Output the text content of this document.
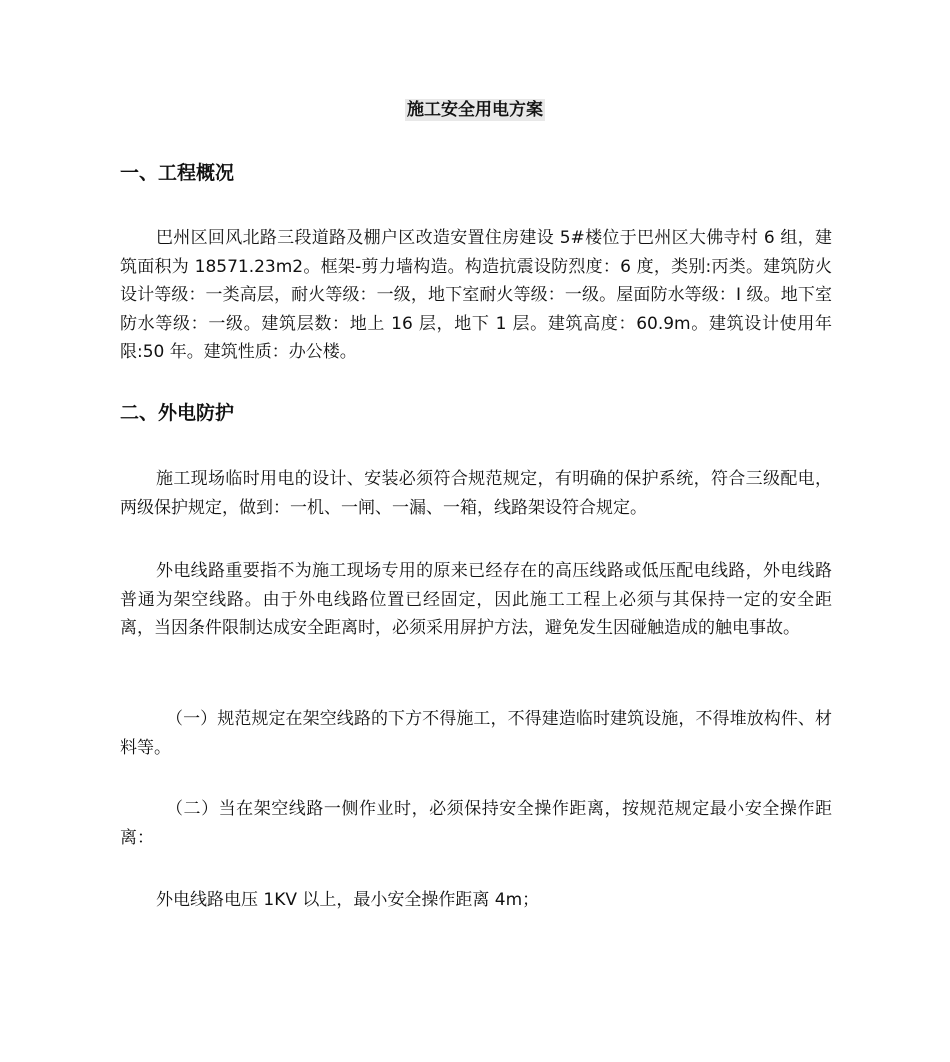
施工安全用电方案
一、工程概况

巴州区回风北路三段道路及棚户区改造安置住房建设 5#楼位于巴州区大佛寺村 6 组，建筑面积为 18571.23m2。框架-剪力墙构造。构造抗震设防烈度：6 度，类别:丙类。建筑防火设计等级：一类高层，耐火等级：一级，地下室耐火等级：一级。屋面防水等级：I 级。地下室防水等级：一级。建筑层数：地上 16 层，地下 1 层。建筑高度：60.9m。建筑设计使用年限:50 年。建筑性质：办公楼。

二、外电防护

施工现场临时用电的设计、安装必须符合规范规定，有明确的保护系统，符合三级配电，两级保护规定，做到：一机、一闸、一漏、一箱，线路架设符合规定。

外电线路重要指不为施工现场专用的原来已经存在的高压线路或低压配电线路，外电线路普通为架空线路。由于外电线路位置已经固定，因此施工工程上必须与其保持一定的安全距离，当因条件限制达成安全距离时，必须采用屏护方法，避免发生因碰触造成的触电事故。

（一）规范规定在架空线路的下方不得施工，不得建造临时建筑设施，不得堆放构件、材料等。

（二）当在架空线路一侧作业时，必须保持安全操作距离，按规范规定最小安全操作距离：

外电线路电压 1KV 以上，最小安全操作距离 4m；
